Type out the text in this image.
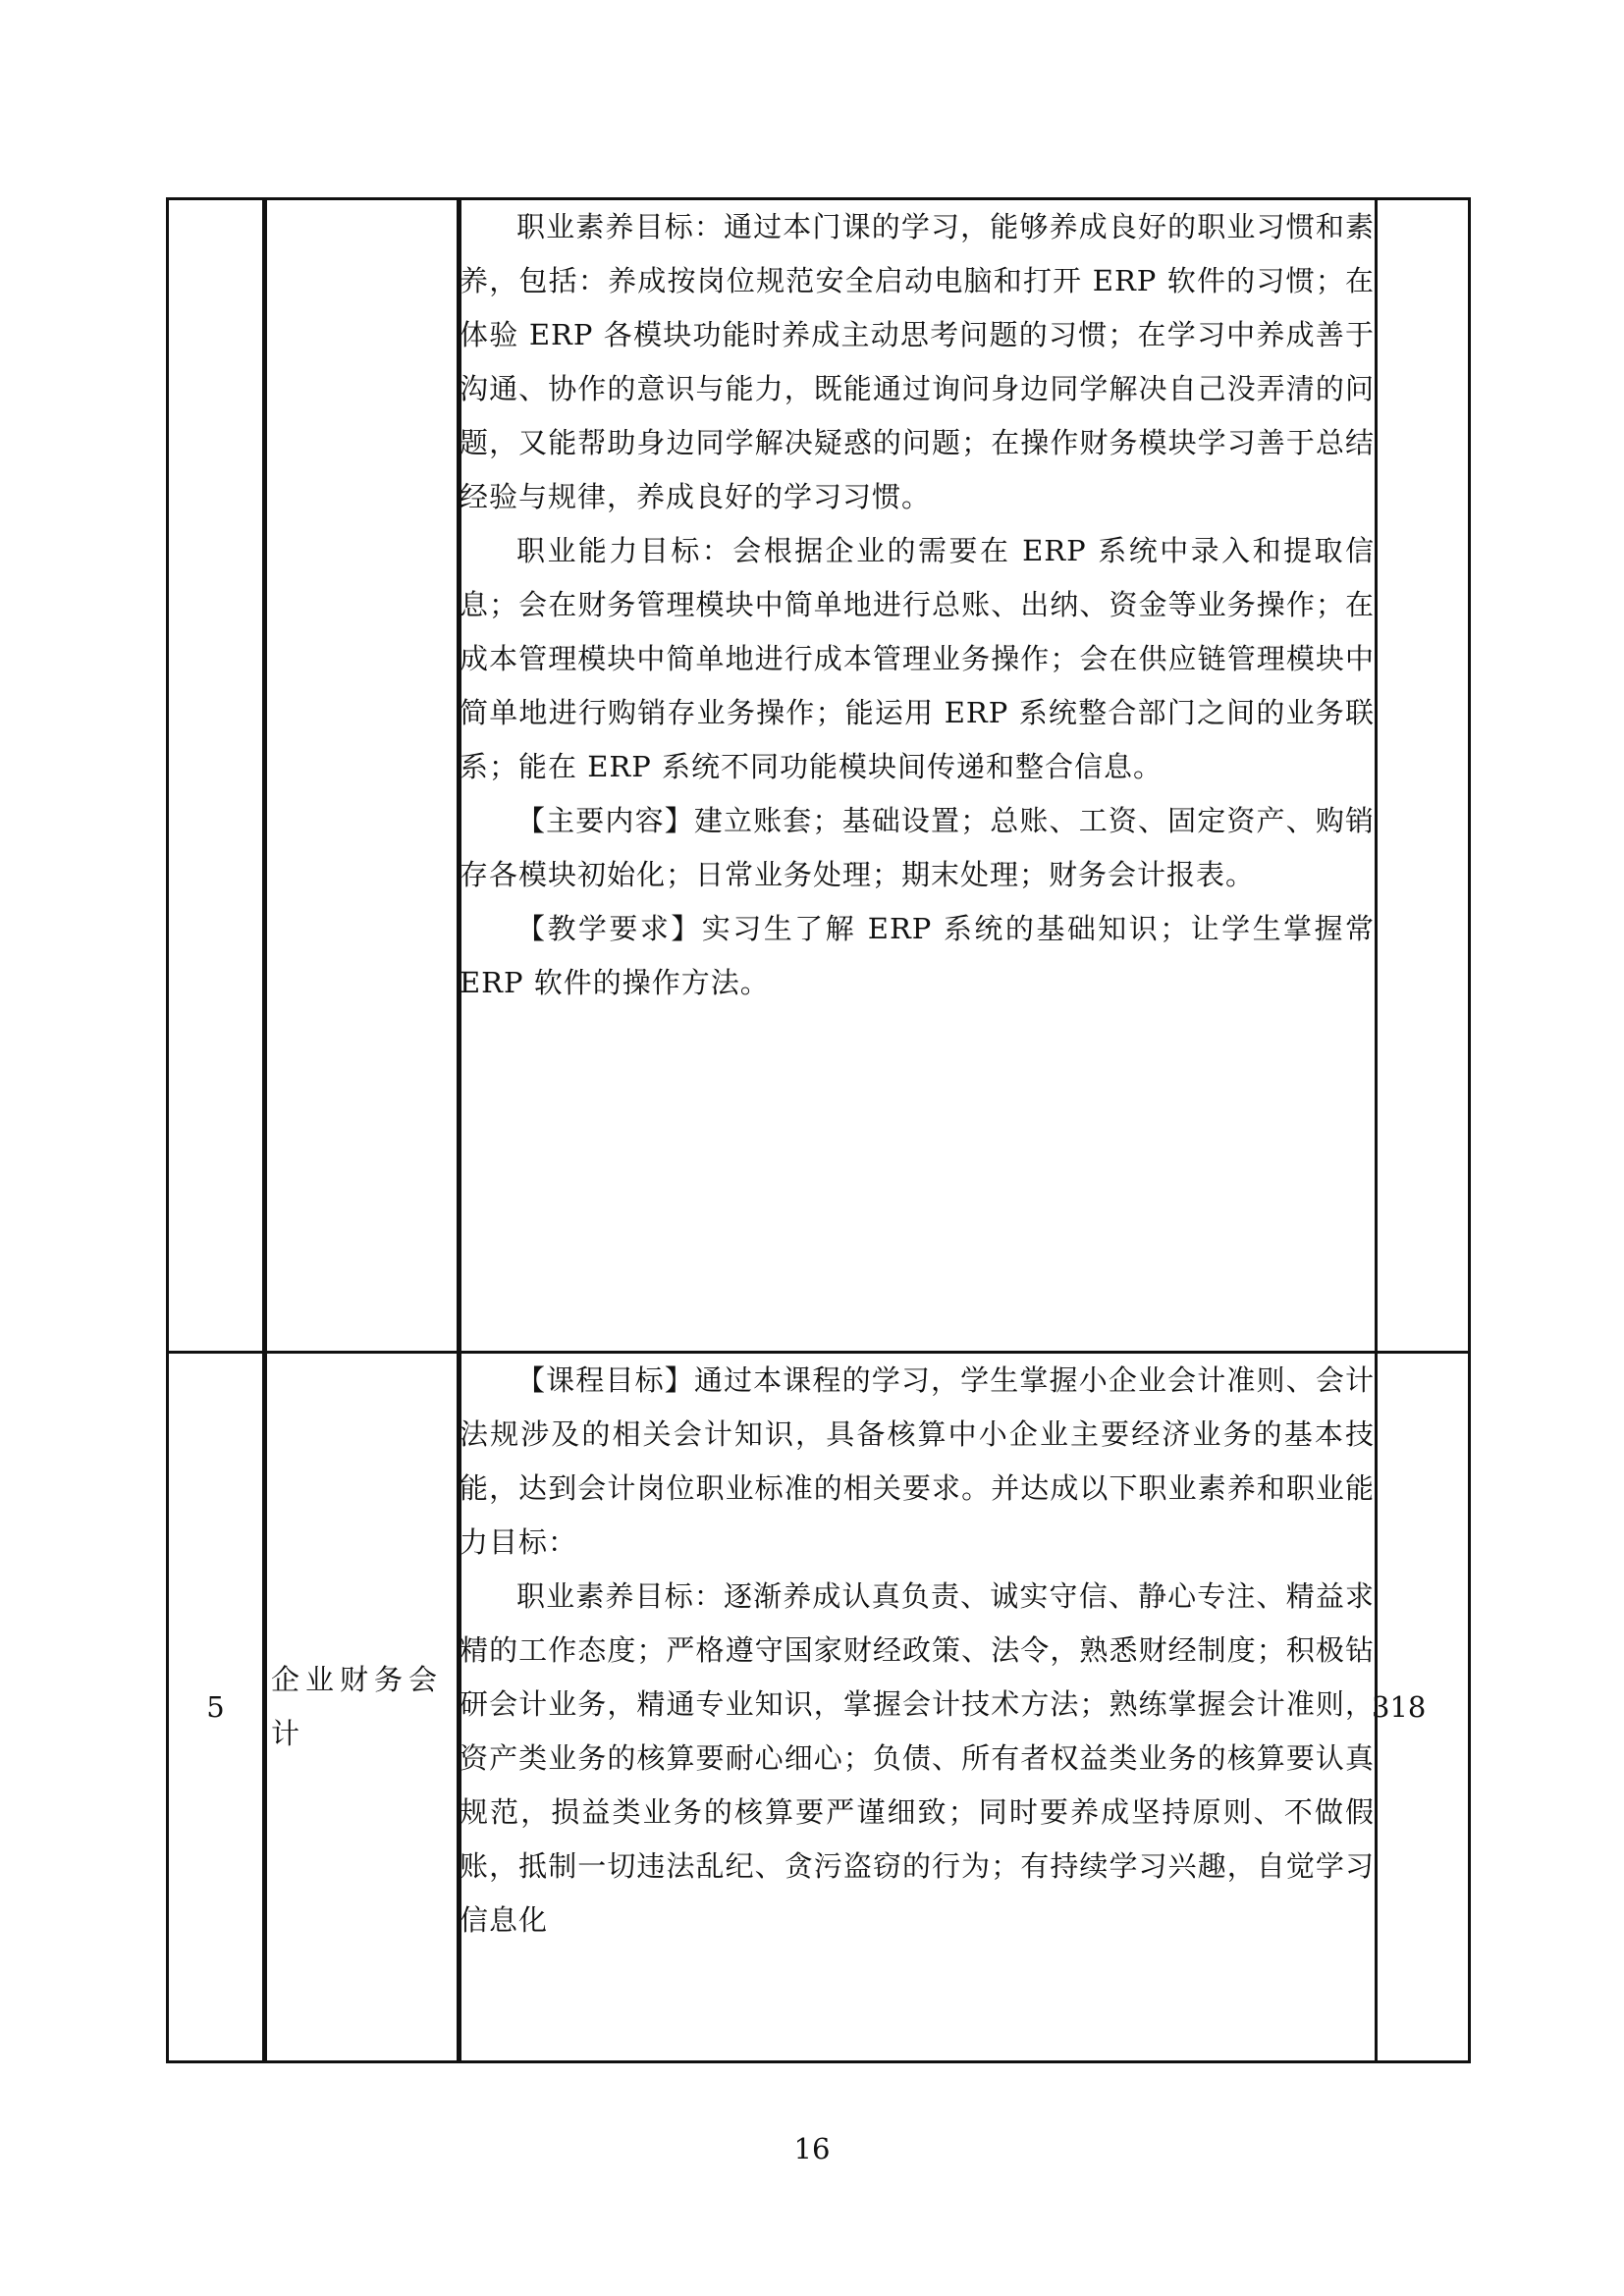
		职业素养目标：通过本门课的学习，能够养成良好的职业习惯和素养，包括：养成按岗位规范安全启动电脑和打开 ERP 软件的习惯；在体验 ERP 各模块功能时养成主动思考问题的习惯；在学习中养成善于沟通、协作的意识与能力，既能通过询问身边同学解决自己没弄清的问题，又能帮助身边同学解决疑惑的问题；在操作财务模块学习善于总结经验与规律，养成良好的学习习惯。

职业能力目标：会根据企业的需要在 ERP 系统中录入和提取信息；会在财务管理模块中简单地进行总账、出纳、资金等业务操作；在成本管理模块中简单地进行成本管理业务操作；会在供应链管理模块中简单地进行购销存业务操作；能运用 ERP 系统整合部门之间的业务联系；能在 ERP 系统不同功能模块间传递和整合信息。

【主要内容】建立账套；基础设置；总账、工资、固定资产、购销存各模块初始化；日常业务处理；期末处理；财务会计报表。

【教学要求】实习生了解 ERP 系统的基础知识；让学生掌握常 ERP 软件的操作方法。	

5	企业财务会计	【课程目标】通过本课程的学习，学生掌握小企业会计准则、会计法规涉及的相关会计知识，具备核算中小企业主要经济业务的基本技能，达到会计岗位职业标准的相关要求。并达成以下职业素养和职业能力目标：

职业素养目标：逐渐养成认真负责、诚实守信、静心专注、精益求精的工作态度；严格遵守国家财经政策、法令，熟悉财经制度；积极钻研会计业务，精通专业知识，掌握会计技术方法；熟练掌握会计准则，资产类业务的核算要耐心细心；负债、所有者权益类业务的核算要认真规范，损益类业务的核算要严谨细致；同时要养成坚持原则、不做假账，抵制一切违法乱纪、贪污盗窃的行为；有持续学习兴趣，自觉学习信息化	318
16
